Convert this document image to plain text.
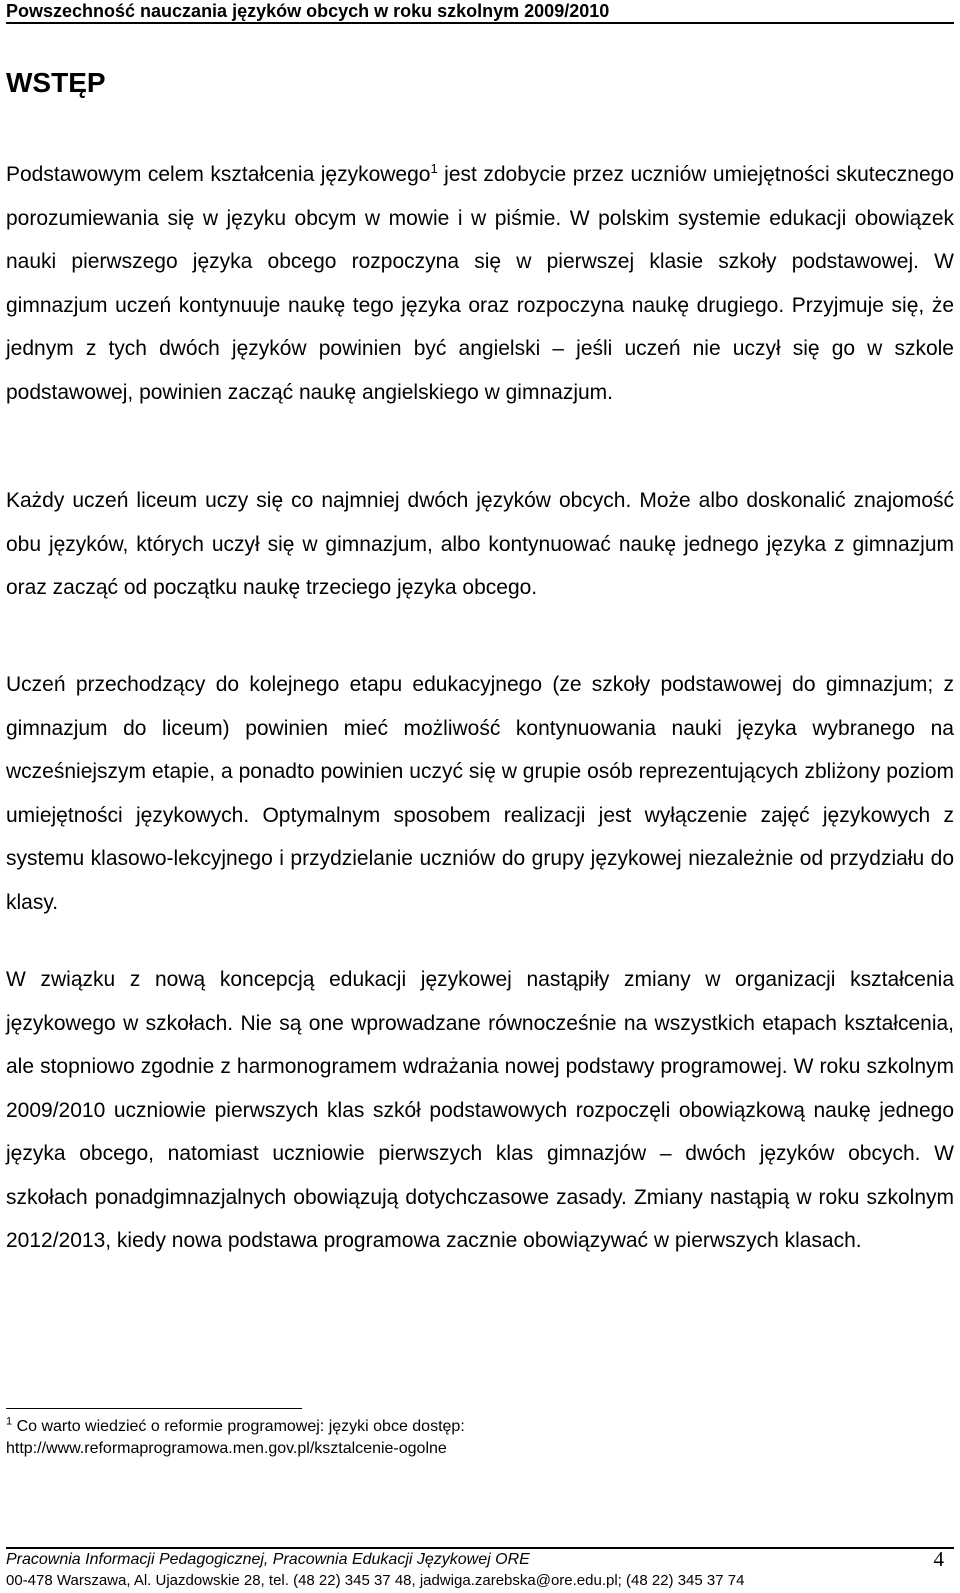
Powszechność nauczania języków obcych w roku szkolnym 2009/2010
WSTĘP

Podstawowym celem kształcenia językowego$^1$ jest zdobycie przez uczniów umiejętności skutecznego porozumiewania się w języku obcym w mowie i w piśmie. W polskim systemie edukacji obowiązek nauki pierwszego języka obcego rozpoczyna się w pierwszej klasie szkoły podstawowej. W gimnazjum uczeń kontynuuje naukę tego języka oraz rozpoczyna naukę drugiego. Przyjmuje się, że jednym z tych dwóch języków powinien być angielski – jeśli uczeń nie uczył się go w szkole podstawowej, powinien zacząć naukę angielskiego w gimnazjum.

Każdy uczeń liceum uczy się co najmniej dwóch języków obcych. Może albo doskonalić znajomość obu języków, których uczył się w gimnazjum, albo kontynuować naukę jednego języka z gimnazjum oraz zacząć od początku naukę trzeciego języka obcego.

Uczeń przechodzący do kolejnego etapu edukacyjnego (ze szkoły podstawowej do gimnazjum; z gimnazjum do liceum) powinien mieć możliwość kontynuowania nauki języka wybranego na wcześniejszym etapie, a ponadto powinien uczyć się w grupie osób reprezentujących zbliżony poziom umiejętności językowych. Optymalnym sposobem realizacji jest wyłączenie zajęć językowych z systemu klasowo-lekcyjnego i przydzielanie uczniów do grupy językowej niezależnie od przydziału do klasy.

W związku z nową koncepcją edukacji językowej nastąpiły zmiany w organizacji kształcenia językowego w szkołach. Nie są one wprowadzane równocześnie na wszystkich etapach kształcenia, ale stopniowo zgodnie z harmonogramem wdrażania nowej podstawy programowej. W roku szkolnym 2009/2010 uczniowie pierwszych klas szkół podstawowych rozpoczęli obowiązkową naukę jednego języka obcego, natomiast uczniowie pierwszych klas gimnazjów – dwóch języków obcych. W szkołach ponadgimnazjalnych obowiązują dotychczasowe zasady. Zmiany nastąpią w roku szkolnym 2012/2013, kiedy nowa podstawa programowa zacznie obowiązywać w pierwszych klasach.

$^1$ Co warto wiedzieć o reformie programowej: języki obce dostęp:
http://www.reformaprogramowa.men.gov.pl/ksztalcenie-ogolne
Pracownia Informacji Pedagogicznej, Pracownia Edukacji Językowej ORE	4
00-478 Warszawa, Al. Ujazdowskie 28, tel. (48 22) 345 37 48, jadwiga.zarebska@ore.edu.pl; (48 22) 345 37 74
